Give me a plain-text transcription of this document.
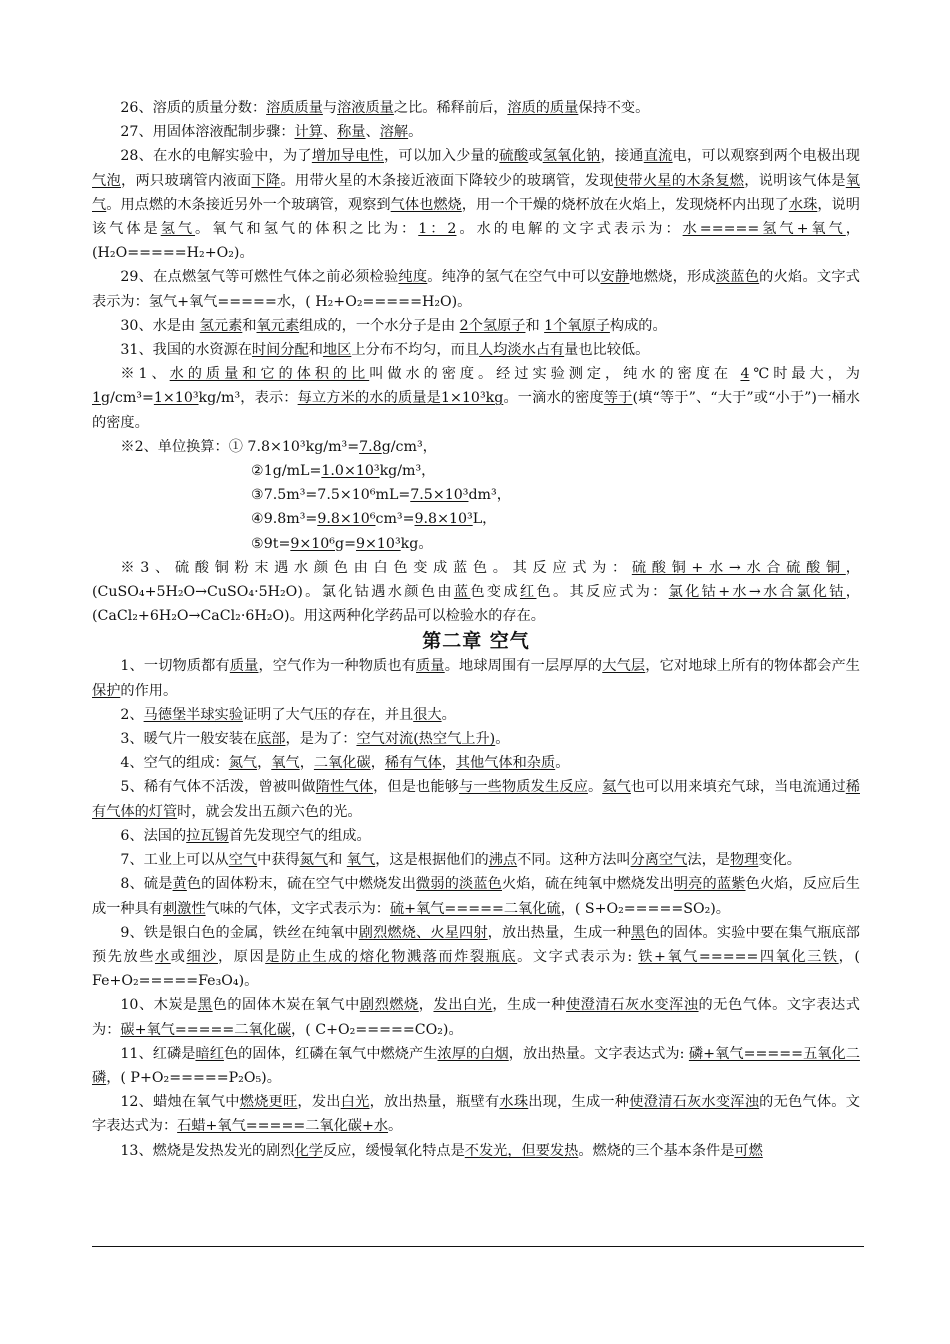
26、溶质的质量分数：溶质质量与溶液质量之比。稀释前后，溶质的质量保持不变。

27、用固体溶液配制步骤：计算、称量、溶解。

28、在水的电解实验中，为了增加导电性，可以加入少量的硫酸或氢氧化钠，接通直流电，可以观察到两个电极出现气泡，两只玻璃管内液面下降。用带火星的木条接近液面下降较少的玻璃管，发现使带火星的木条复燃，说明该气体是氧气。用点燃的木条接近另外一个玻璃管，观察到气体也燃烧，用一个干燥的烧杯放在火焰上，发现烧杯内出现了水珠，说明该气体是氢气。氧气和氢气的体积之比为：1：2。水的电解的文字式表示为：水=====氢气+氧气，(H₂O=====H₂+O₂)。

29、在点燃氢气等可燃性气体之前必须检验纯度。纯净的氢气在空气中可以安静地燃烧，形成淡蓝色的火焰。文字式表示为：氢气+氧气=====水，( H₂+O₂=====H₂O)。

30、水是由 氢元素和氧元素组成的，一个水分子是由 2个氢原子和 1个氧原子构成的。

31、我国的水资源在时间分配和地区上分布不均匀，而且人均淡水占有量也比较低。

※1、水的质量和它的体积的比叫做水的密度。经过实验测定，纯水的密度在 4℃时最大，为 1g/cm³=1×10³kg/m³，表示：每立方米的水的质量是1×10³kg。一滴水的密度等于(填“等于”、“大于”或“小于”)一桶水的密度。

※2、单位换算：① 7.8×10³kg/m³=7.8g/cm³，

②1g/mL=1.0×10³kg/m³，

③7.5m³=7.5×10⁶mL=7.5×10³dm³，

④9.8m³=9.8×10⁶cm³=9.8×10³L，

⑤9t=9×10⁶g=9×10³kg。

※3、硫酸铜粉末遇水颜色由白色变成蓝色。其反应式为：硫酸铜+水→水合硫酸铜，(CuSO₄+5H₂O→CuSO₄·5H₂O)。氯化钴遇水颜色由蓝色变成红色。其反应式为：氯化钴+水→水合氯化钴，(CaCl₂+6H₂O→CaCl₂·6H₂O)。用这两种化学药品可以检验水的存在。

第二章 空气

1、一切物质都有质量，空气作为一种物质也有质量。地球周围有一层厚厚的大气层，它对地球上所有的物体都会产生保护的作用。

2、马德堡半球实验证明了大气压的存在，并且很大。

3、暖气片一般安装在底部，是为了：空气对流(热空气上升)。

4、空气的组成：氮气，氧气，二氧化碳，稀有气体，其他气体和杂质。

5、稀有气体不活泼，曾被叫做隋性气体，但是也能够与一些物质发生反应。氦气也可以用来填充气球，当电流通过稀有气体的灯管时，就会发出五颜六色的光。

6、法国的拉瓦锡首先发现空气的组成。

7、工业上可以从空气中获得氮气和 氧气，这是根据他们的沸点不同。这种方法叫分离空气法，是物理变化。

8、硫是黄色的固体粉末，硫在空气中燃烧发出微弱的淡蓝色火焰，硫在纯氧中燃烧发出明亮的蓝紫色火焰，反应后生成一种具有刺激性气味的气体，文字式表示为：硫+氧气=====二氧化硫，( S+O₂=====SO₂)。

9、铁是银白色的金属，铁丝在纯氧中剧烈燃烧、火星四射，放出热量，生成一种黑色的固体。实验中要在集气瓶底部预先放些水或细沙，原因是防止生成的熔化物溅落而炸裂瓶底。文字式表示为: 铁+氧气=====四氧化三铁，( Fe+O₂=====Fe₃O₄)。

10、木炭是黑色的固体木炭在氧气中剧烈燃烧，发出白光，生成一种使澄清石灰水变浑浊的无色气体。文字表达式为：碳+氧气=====二氧化碳，( C+O₂=====CO₂)。

11、红磷是暗红色的固体，红磷在氧气中燃烧产生浓厚的白烟，放出热量。文字表达式为: 磷+氧气=====五氧化二磷，( P+O₂=====P₂O₅)。

12、蜡烛在氧气中燃烧更旺，发出白光，放出热量，瓶壁有水珠出现，生成一种使澄清石灰水变浑浊的无色气体。文字表达式为：石蜡+氧气=====二氧化碳+水。

13、燃烧是发热发光的剧烈化学反应，缓慢氧化特点是不发光，但要发热。燃烧的三个基本条件是可燃
